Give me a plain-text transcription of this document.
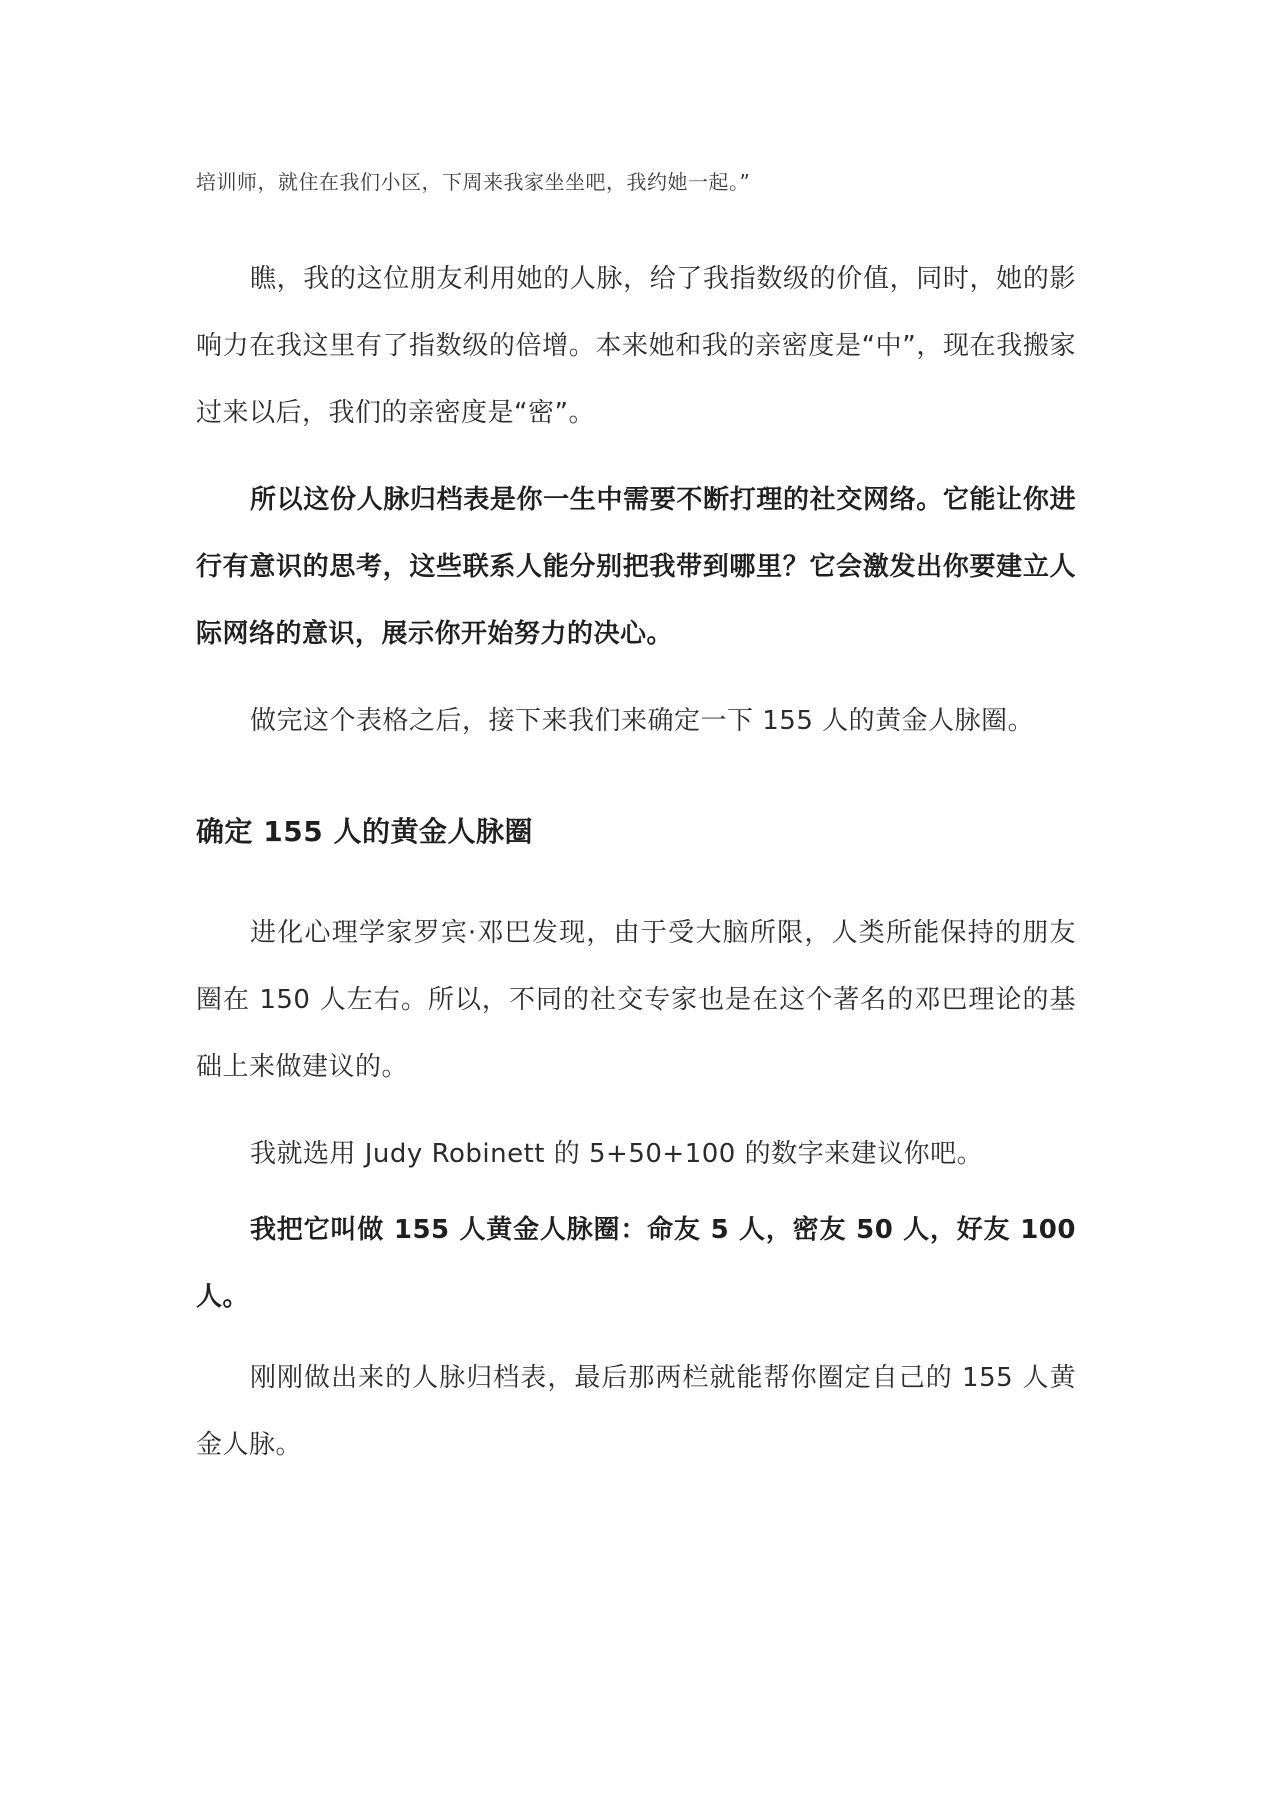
培训师，就住在我们小区，下周来我家坐坐吧，我约她一起。”

瞧，我的这位朋友利用她的人脉，给了我指数级的价值，同时，她的影响力在我这里有了指数级的倍增。本来她和我的亲密度是“中”，现在我搬家过来以后，我们的亲密度是“密”。

所以这份人脉归档表是你一生中需要不断打理的社交网络。它能让你进行有意识的思考，这些联系人能分别把我带到哪里？它会激发出你要建立人际网络的意识，展示你开始努力的决心。

做完这个表格之后，接下来我们来确定一下 155 人的黄金人脉圈。

确定 155 人的黄金人脉圈

进化心理学家罗宾·邓巴发现，由于受大脑所限，人类所能保持的朋友圈在 150 人左右。所以，不同的社交专家也是在这个著名的邓巴理论的基础上来做建议的。

我就选用 Judy Robinett 的 5+50+100 的数字来建议你吧。

我把它叫做 155 人黄金人脉圈：命友 5 人，密友 50 人，好友 100人。

刚刚做出来的人脉归档表，最后那两栏就能帮你圈定自己的 155 人黄金人脉。
